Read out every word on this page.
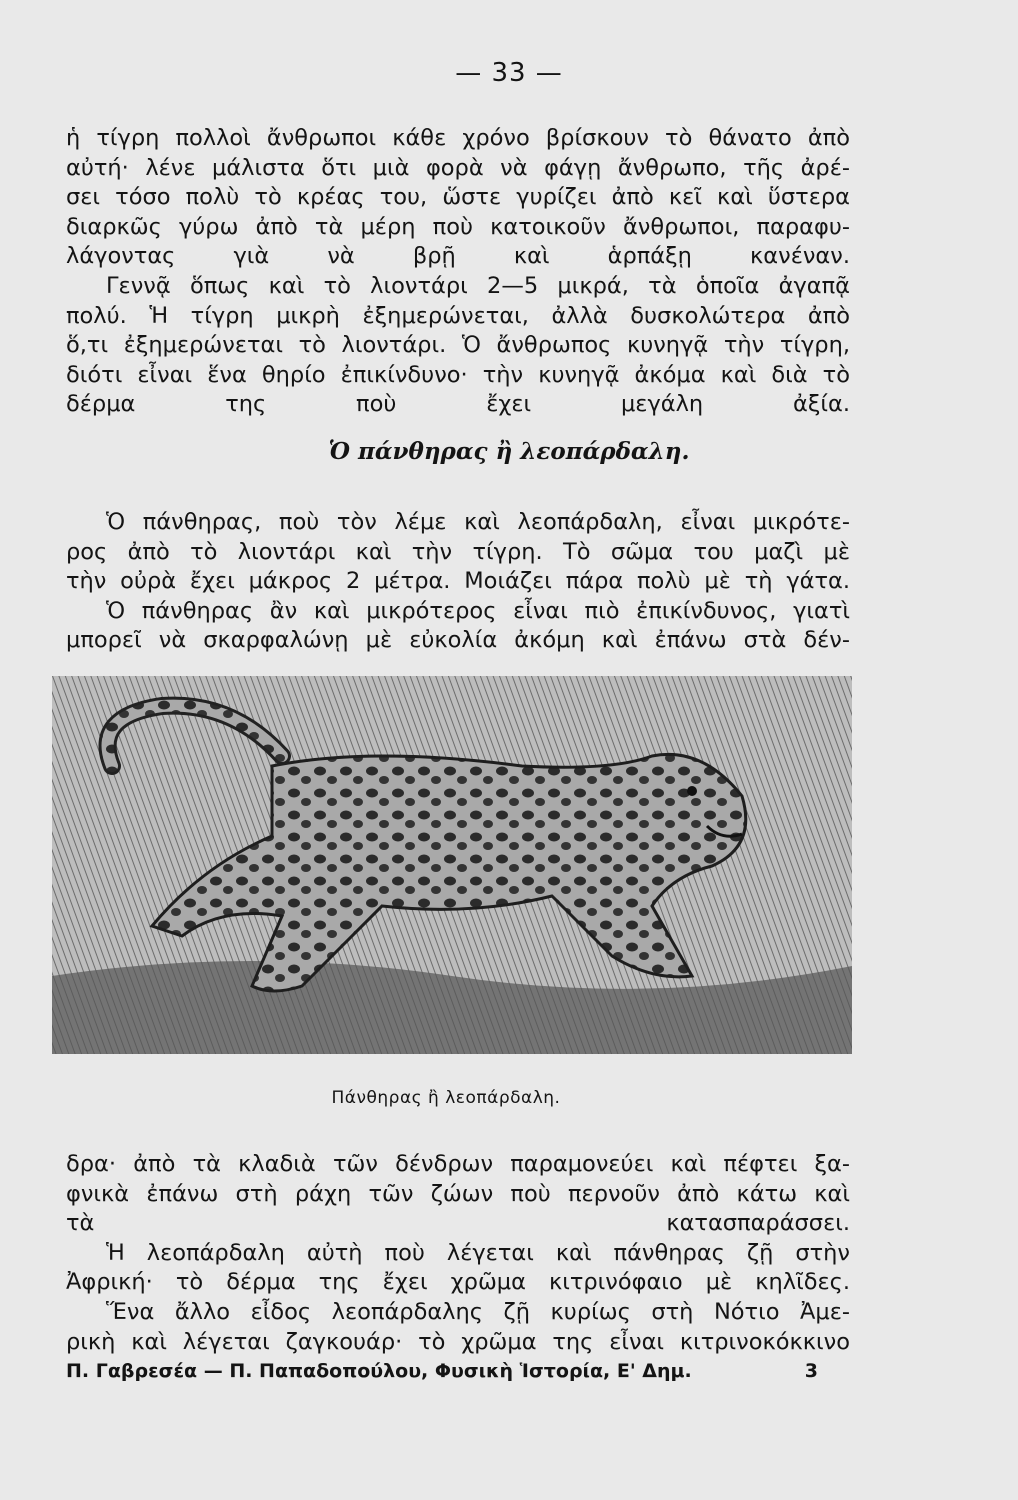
— 33 —

ἡ τίγρη πολλοὶ ἄνθρωποι κάθε χρόνο βρίσκουν τὸ θάνατο ἀπὸ
αὐτή· λένε μάλιστα ὅτι μιὰ φορὰ νὰ φάγῃ ἄνθρωπο, τῆς ἀρέ-
σει τόσο πολὺ τὸ κρέας του, ὥστε γυρίζει ἀπὸ κεῖ καὶ ὕστερα
διαρκῶς γύρω ἀπὸ τὰ μέρη ποὺ κατοικοῦν ἄνθρωποι, παραφυ-
λάγοντας γιὰ νὰ βρῇ καὶ ἁρπάξῃ κανέναν.

Γεννᾷ ὅπως καὶ τὸ λιοντάρι 2—5 μικρά, τὰ ὁποῖα ἀγαπᾷ
πολύ. Ἡ τίγρη μικρὴ ἐξημερώνεται, ἀλλὰ δυσκολώτερα ἀπὸ
ὅ,τι ἐξημερώνεται τὸ λιοντάρι. Ὁ ἄνθρωπος κυνηγᾷ τὴν τίγρη,
διότι εἶναι ἕνα θηρίο ἐπικίνδυνο· τὴν κυνηγᾷ ἀκόμα καὶ διὰ τὸ
δέρμα της ποὺ ἔχει μεγάλη ἀξία.

Ὁ πάνθηρας ἢ λεοπάρδαλη.

Ὁ πάνθηρας, ποὺ τὸν λέμε καὶ λεοπάρδαλη, εἶναι μικρότε-
ρος ἀπὸ τὸ λιοντάρι καὶ τὴν τίγρη. Τὸ σῶμα του μαζὶ μὲ
τὴν οὐρὰ ἔχει μάκρος 2 μέτρα. Μοιάζει πάρα πολὺ μὲ τὴ γάτα.
Ὁ πάνθηρας ἂν καὶ μικρότερος εἶναι πιὸ ἐπικίνδυνος, γιατὶ
μπορεῖ νὰ σκαρφαλώνῃ μὲ εὐκολία ἀκόμη καὶ ἐπάνω στὰ δέν-

Πάνθηρας ἢ λεοπάρδαλη.

δρα· ἀπὸ τὰ κλαδιὰ τῶν δένδρων παραμονεύει καὶ πέφτει ξα-
φνικὰ ἐπάνω στὴ ράχη τῶν ζώων ποὺ περνοῦν ἀπὸ κάτω καὶ
τὰ κατασπαράσσει.
Ἡ λεοπάρδαλη αὐτὴ ποὺ λέγεται καὶ πάνθηρας ζῇ στὴν
Ἀφρική· τὸ δέρμα της ἔχει χρῶμα κιτρινόφαιο μὲ κηλῖδες.
Ἕνα ἄλλο εἶδος λεοπάρδαλης ζῇ κυρίως στὴ Νότιο Ἀμε-
ρικὴ καὶ λέγεται ζαγκουάρ· τὸ χρῶμα της εἶναι κιτρινοκόκκινο

Π. Γαβρεσέα — Π. Παπαδοπούλου, Φυσικὴ Ἱστορία, Ε' Δημ.	3
